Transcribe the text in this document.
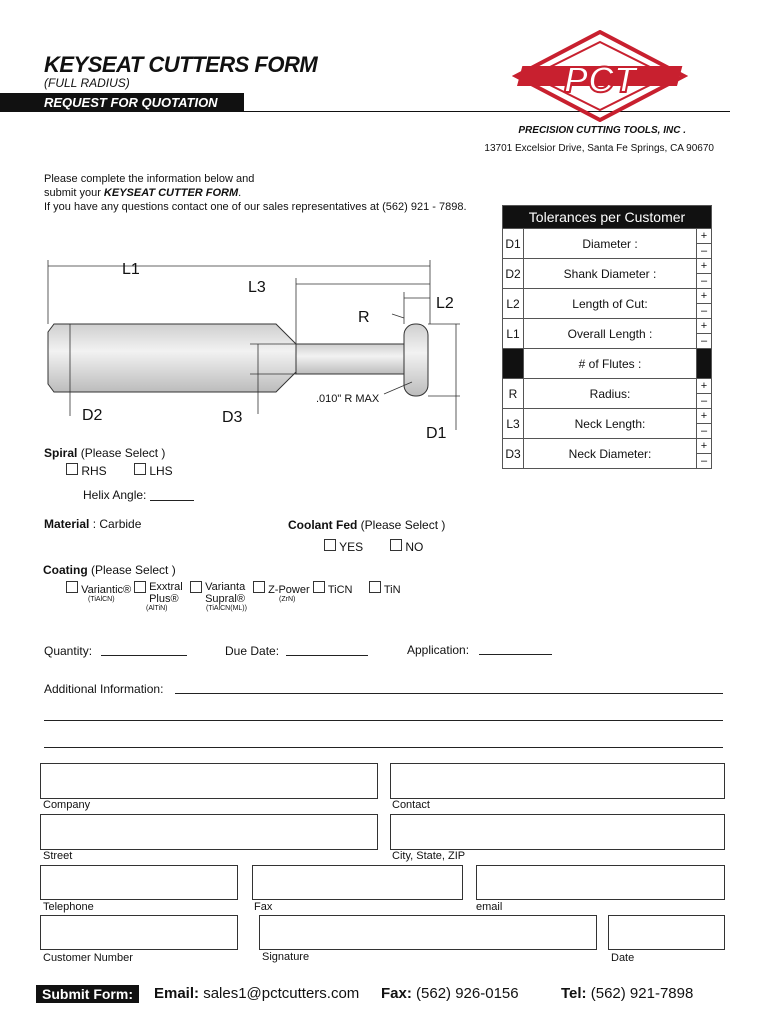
KEYSEAT CUTTERS FORM
(FULL RADIUS)
REQUEST FOR QUOTATION
PCT
PRECISION CUTTING TOOLS, INC .
13701 Excelsior Drive, Santa Fe Springs, CA 90670
Please complete the information below and
submit your KEYSEAT CUTTER FORM.
If you have any questions contact one of our sales representatives at (562) 921 - 7898.
L1
L3
L2
R
D2	D3
D1
.010" R MAX
Tolerances per Customer		
D1	Diameter :	+
		–
D2	Shank Diameter :	+
		–
L2	Length of Cut:	+
		–
L1	Overall Length :	+
		–
	# of Flutes :	
R	Radius:	+
		–
L3	Neck Length:	+
		–
D3	Neck Diameter:	+
		–
Spiral (Please Select )
RHS	LHS
Helix Angle:
Material : Carbide	Coolant Fed (Please Select )
YES	NO
Coating (Please Select )
Variantic®
(TiAlCN)
Exxtral Plus®
(AlTiN)
Varianta Supral®
(TiAlCN(ML))
Z-Power
(ZrN)
TiCN	TiN
Quantity:	Due Date:	Application:
Additional Information:
Company	Contact
Street	City, State, ZIP
Telephone	Fax	email
Customer Number	Signature	Date
Submit Form:	Email: sales1@pctcutters.com Fax: (562) 926-0156	Tel: (562) 921-7898
